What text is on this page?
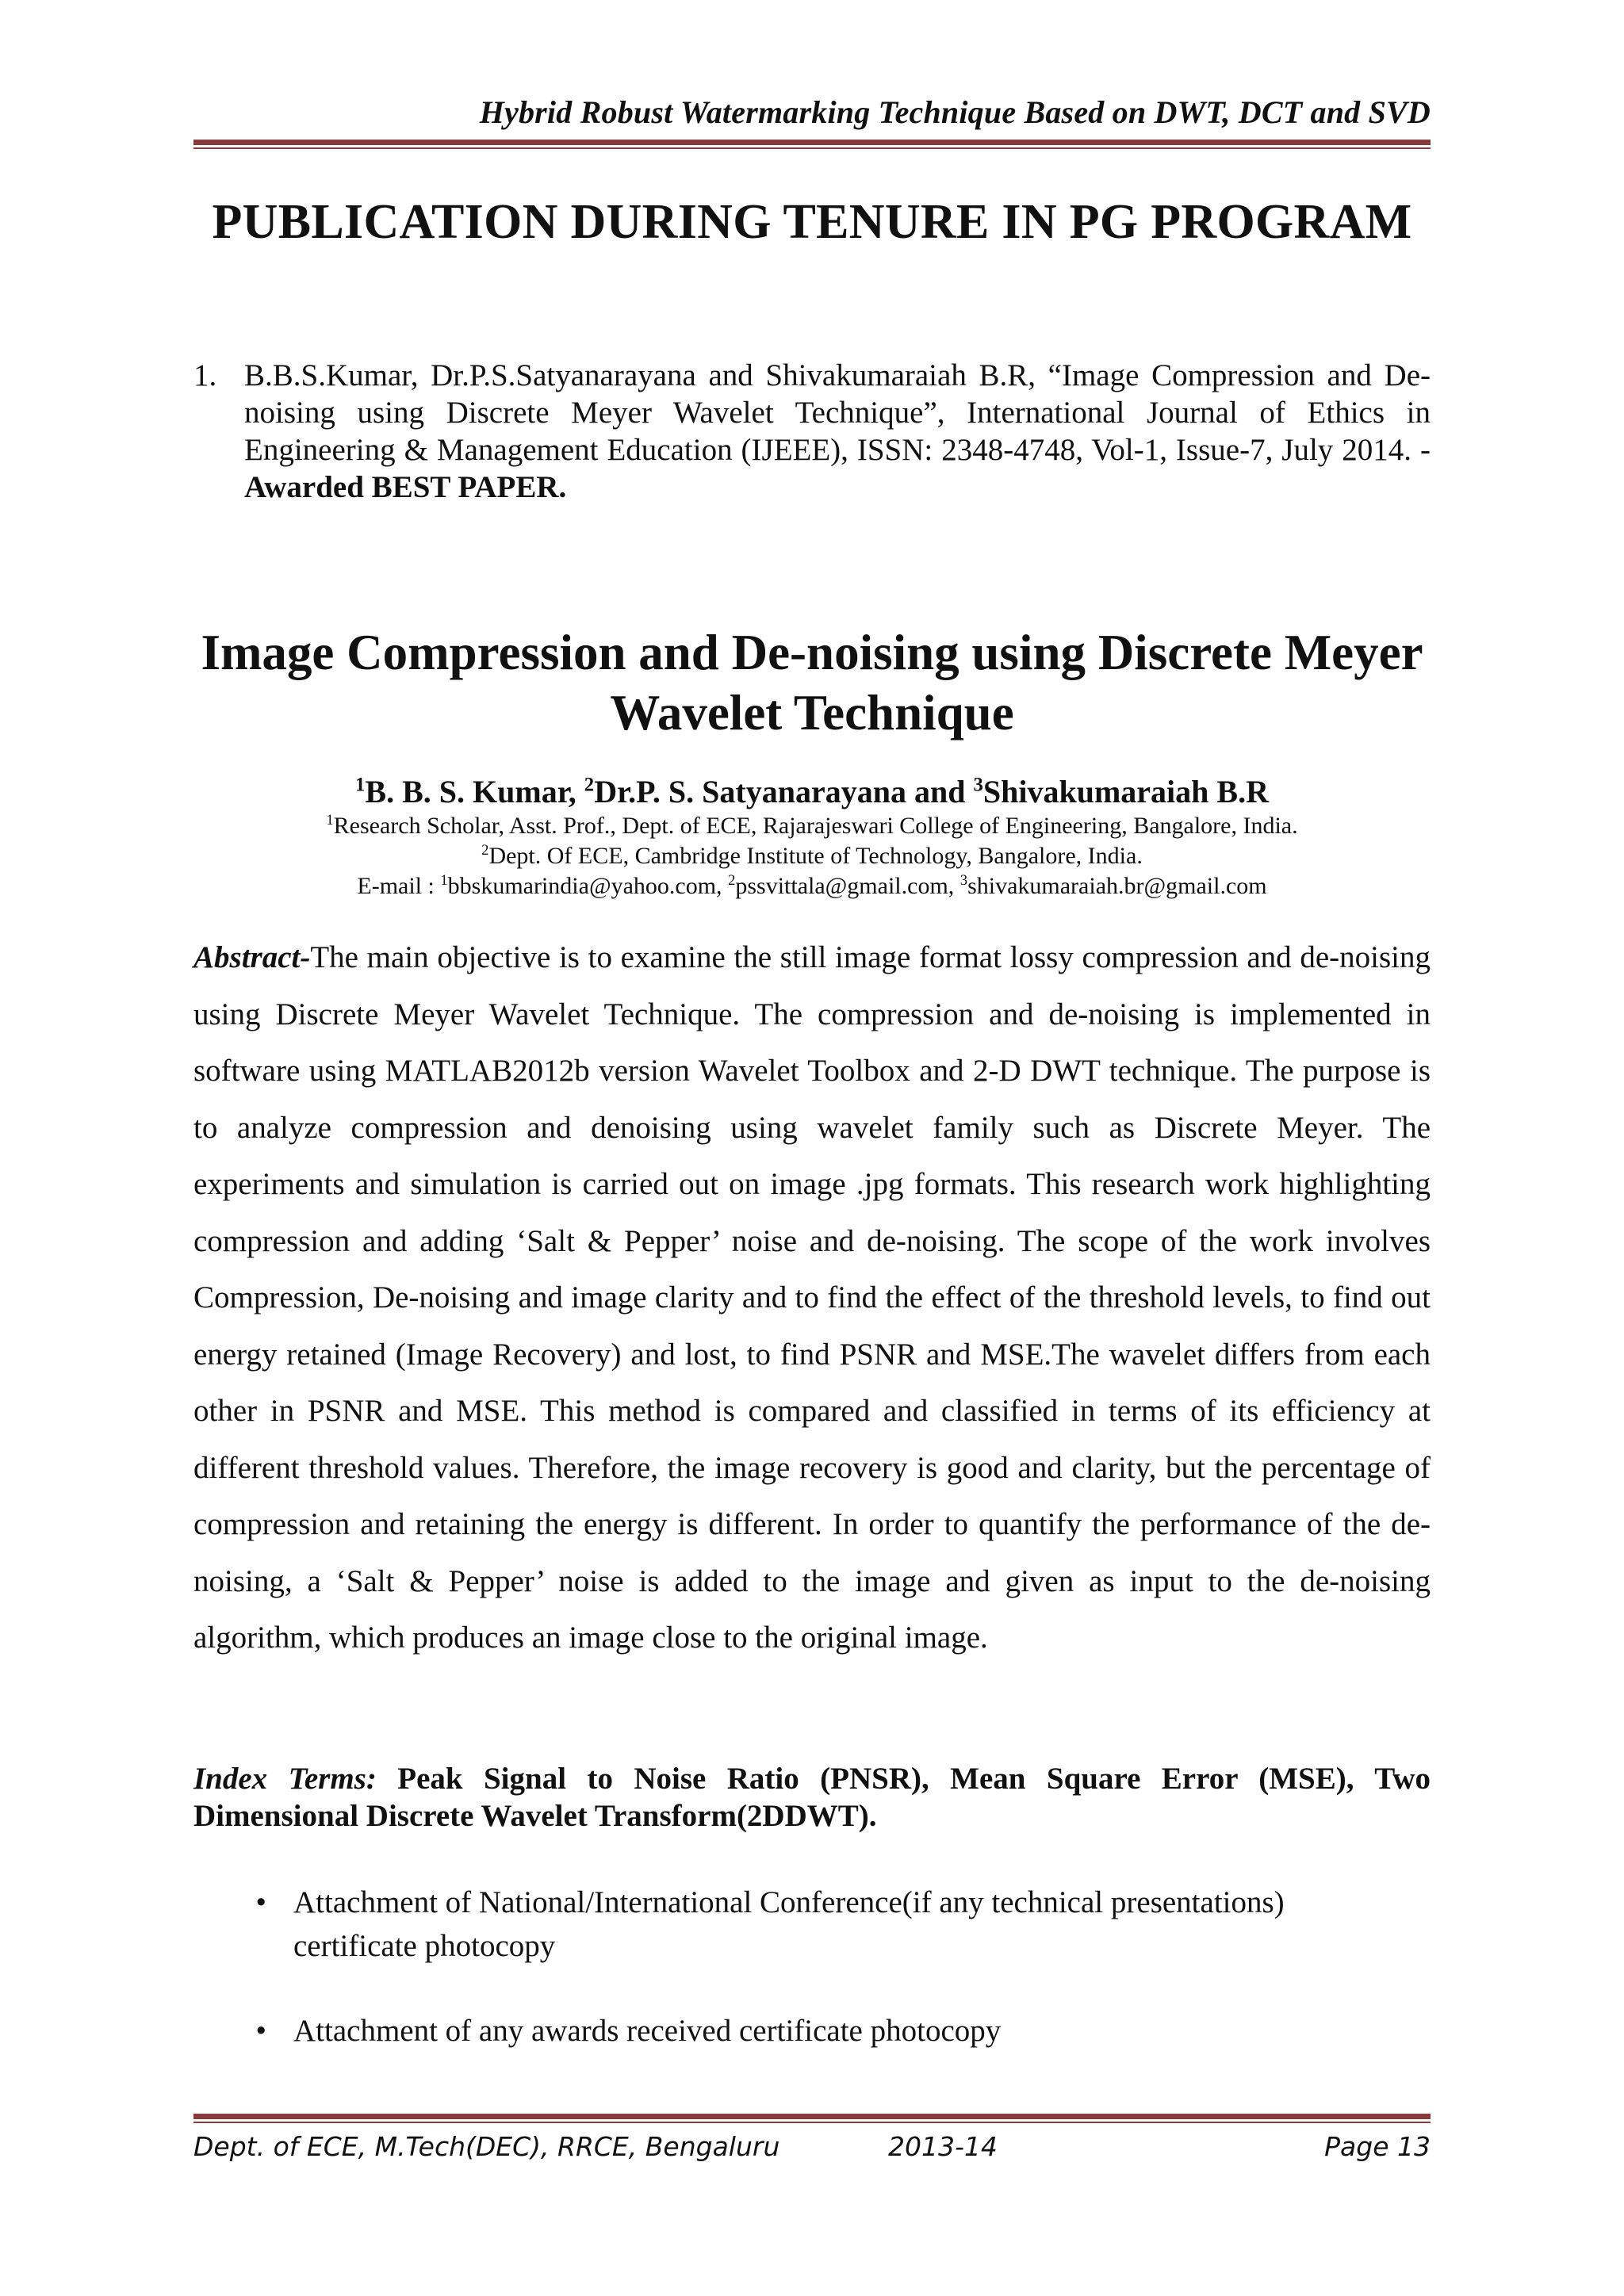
Hybrid Robust Watermarking Technique Based on DWT, DCT and SVD
PUBLICATION DURING TENURE IN PG PROGRAM
1. B.B.S.Kumar, Dr.P.S.Satyanarayana and Shivakumaraiah B.R, “Image Compression and De-noising using Discrete Meyer Wavelet Technique”, International Journal of Ethics in Engineering & Management Education (IJEEE), ISSN: 2348-4748, Vol-1, Issue-7, July 2014. -Awarded BEST PAPER.
Image Compression and De-noising using Discrete Meyer Wavelet Technique
$^1$B. B. S. Kumar, $^2$Dr.P. S. Satyanarayana and $^3$Shivakumaraiah B.R
$^1$Research Scholar, Asst. Prof., Dept. of ECE, Rajarajeswari College of Engineering, Bangalore, India.
$^2$Dept. Of ECE, Cambridge Institute of Technology, Bangalore, India.
E-mail : $^1$bbskumarindia@yahoo.com, $^2$pssvittala@gmail.com, $^3$shivakumaraiah.br@gmail.com

Abstract-The main objective is to examine the still image format lossy compression and de-noising using Discrete Meyer Wavelet Technique. The compression and de-noising is implemented in software using MATLAB2012b version Wavelet Toolbox and 2-D DWT technique. The purpose is to analyze compression and denoising using wavelet family such as Discrete Meyer. The experiments and simulation is carried out on image .jpg formats. This research work highlighting compression and adding ‘Salt & Pepper’ noise and de-noising. The scope of the work involves Compression, De-noising and image clarity and to find the effect of the threshold levels, to find out energy retained (Image Recovery) and lost, to find PSNR and MSE.The wavelet differs from each other in PSNR and MSE. This method is compared and classified in terms of its efficiency at different threshold values. Therefore, the image recovery is good and clarity, but the percentage of compression and retaining the energy is different. In order to quantify the performance of the de-noising, a ‘Salt & Pepper’ noise is added to the image and given as input to the de-noising algorithm, which produces an image close to the original image.

Index Terms: Peak Signal to Noise Ratio (PNSR), Mean Square Error (MSE), Two Dimensional Discrete Wavelet Transform(2DDWT).

• Attachment of National/International Conference(if any technical presentations) certificate photocopy
• Attachment of any awards received certificate photocopy
Dept. of ECE, M.Tech(DEC), RRCE, Bengaluru	2013-14	Page 13
